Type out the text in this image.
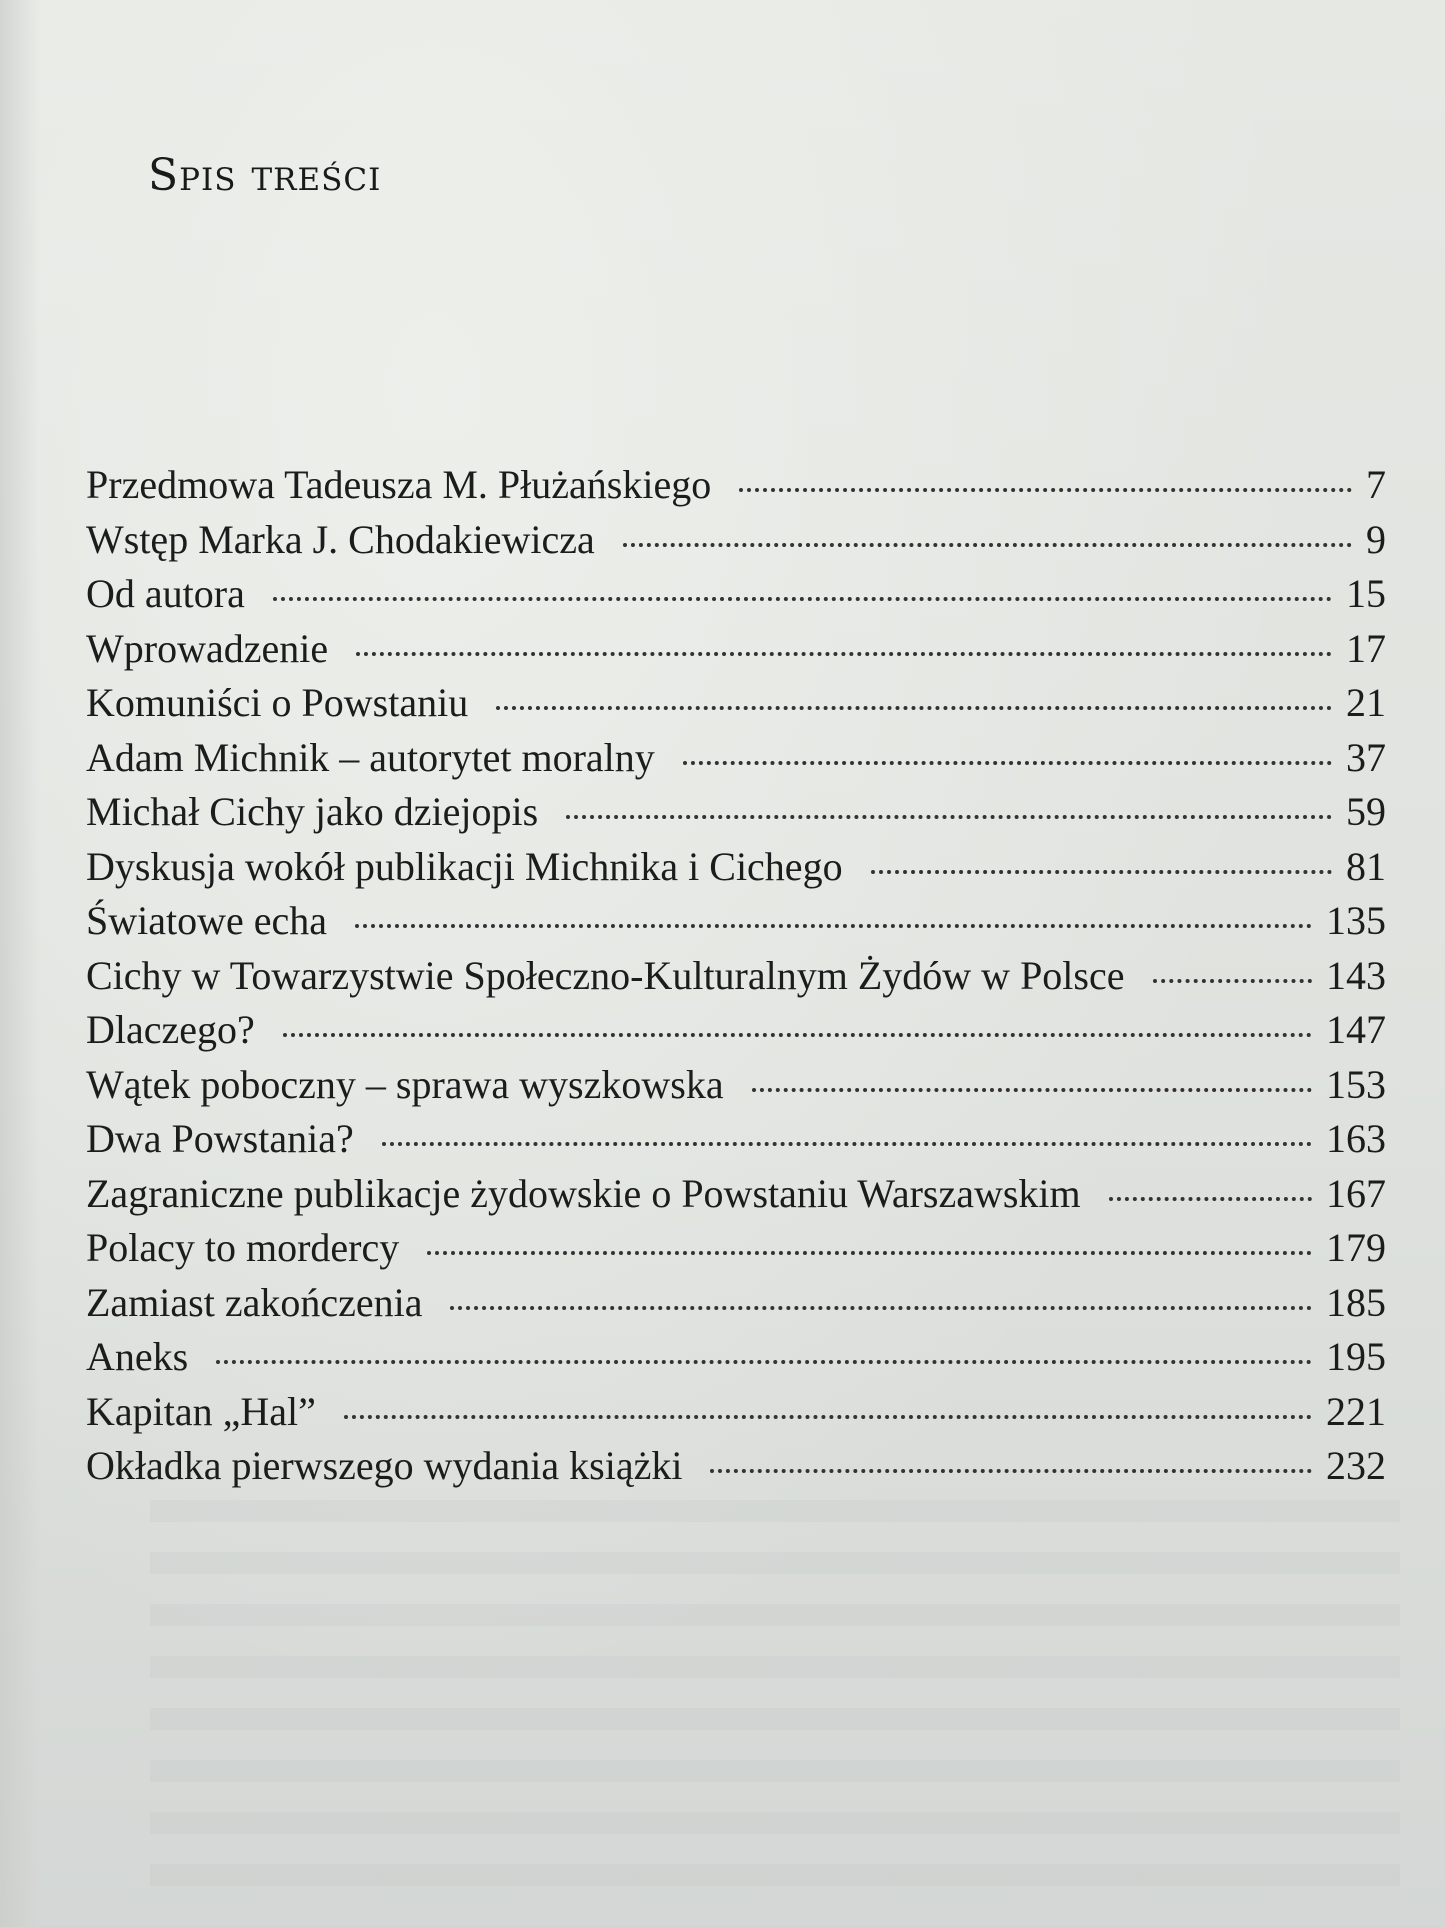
Spis treści
Przedmowa Tadeusza M. Płużańskiego	7
Wstęp Marka J. Chodakiewicza	9
Od autora	15
Wprowadzenie	17
Komuniści o Powstaniu	21
Adam Michnik – autorytet moralny	37
Michał Cichy jako dziejopis	59
Dyskusja wokół publikacji Michnika i Cichego	81
Światowe echa	135
Cichy w Towarzystwie Społeczno-Kulturalnym Żydów w Polsce	143
Dlaczego?	147
Wątek poboczny – sprawa wyszkowska	153
Dwa Powstania?	163
Zagraniczne publikacje żydowskie o Powstaniu Warszawskim	167
Polacy to mordercy	179
Zamiast zakończenia	185
Aneks	195
Kapitan „Hal”	221
Okładka pierwszego wydania książki	232
